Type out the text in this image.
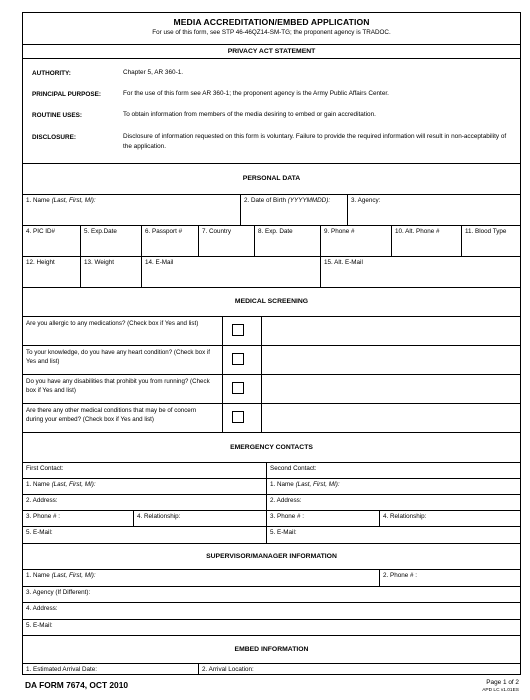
MEDIA ACCREDITATION/EMBED APPLICATION
For use of this form, see STP 46-46QZ14-SM-TG; the proponent agency is TRADOC.
PRIVACY ACT STATEMENT
AUTHORITY:	Chapter 5, AR 360-1.
PRINCIPAL PURPOSE:	For the use of this form see AR 360-1; the proponent agency is the Army Public Affairs Center.
ROUTINE USES:	To obtain information from members of the media desiring to embed or gain accreditation.
DISCLOSURE:	Disclosure of information requested on this form is voluntary. Failure to provide the required information will result in non-acceptability of the application.
PERSONAL DATA
1. Name (Last, First, MI):	2. Date of Birth (YYYYMMDD):	3. Agency:
4. PIC ID#	5. Exp.Date	6. Passport #	7. Country	8. Exp. Date	9. Phone #	10. Alt. Phone #	11. Blood Type
12. Height	13. Weight	14. E-Mail	15. Alt. E-Mail
MEDICAL SCREENING
Are you allergic to any medications? (Check box if Yes and list)
To your knowledge, do you have any heart condition? (Check box if Yes and list)
Do you have any disabilities that prohibit you from running? (Check box if Yes and list)
Are there any other medical conditions that may be of concern during your embed? (Check box if Yes and list)
EMERGENCY CONTACTS
First Contact:	Second Contact:
1. Name (Last, First, MI):	1. Name (Last, First, MI):
2. Address:	2. Address:
3. Phone # :	4. Relationship:	3. Phone # :	4. Relationship:
5. E-Mail:	5. E-Mail:
SUPERVISOR/MANAGER INFORMATION
1. Name (Last, First, MI):	2. Phone # :
3. Agency (If Different):
4. Address:
5. E-Mail:
EMBED INFORMATION
1. Estimated Arrival Date:	2. Arrival Location:
DA FORM 7674, OCT 2010	Page 1 of 2
APD LC v1.01ES
